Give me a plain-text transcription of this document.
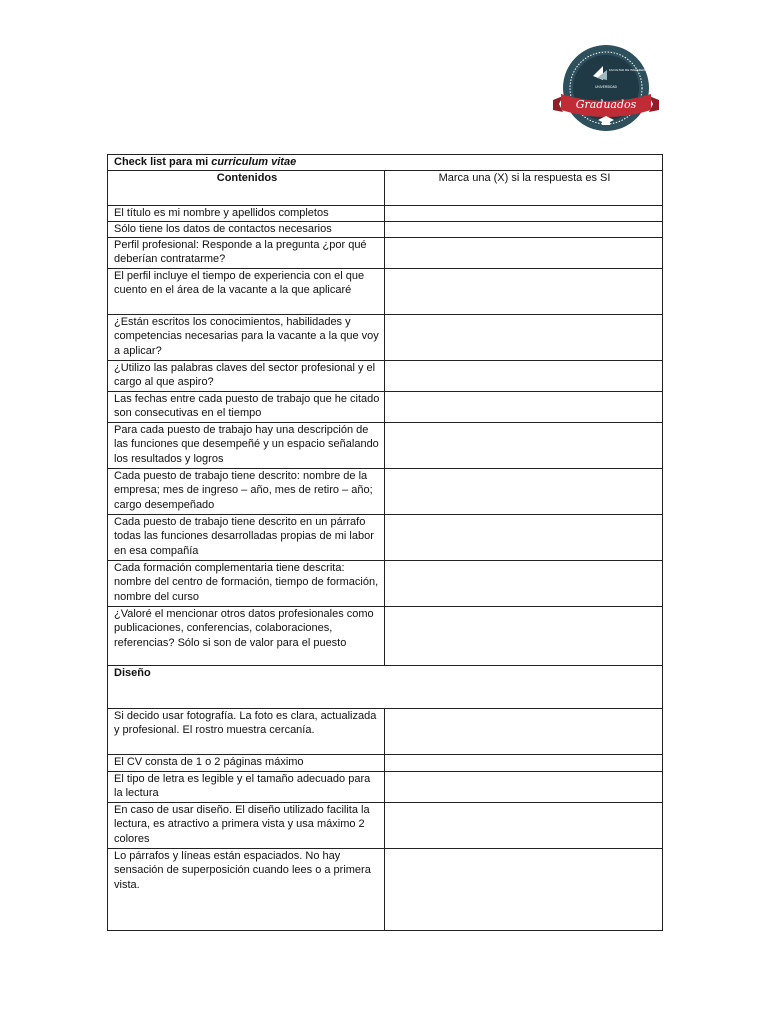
FACULTAD DE INGENIERÍA JULIO GARAVITO
UNIVERSIDAD
Graduados
Check list para mi curriculum vitae	
Contenidos	Marca una (X) si la respuesta es SI
El título es mi nombre y apellidos completos	

Sólo tiene los datos de contactos necesarios	

Perfil profesional: Responde a la pregunta ¿por qué deberían contratarme?	

El perfil incluye el tiempo de experiencia con el que cuento en el área de la vacante a la que aplicaré	

¿Están escritos los conocimientos, habilidades y competencias necesarias para la vacante a la que voy a aplicar?	

¿Utilizo las palabras claves del sector profesional y el cargo al que aspiro?	

Las fechas entre cada puesto de trabajo que he citado son consecutivas en el tiempo	

Para cada puesto de trabajo hay una descripción de las funciones que desempeñé y un espacio señalando los resultados y logros	

Cada puesto de trabajo tiene descrito: nombre de la empresa; mes de ingreso – año, mes de retiro – año; cargo desempeñado	

Cada puesto de trabajo tiene descrito en un párrafo todas las funciones desarrolladas propias de mi labor en esa compañía	

Cada formación complementaria tiene descrita: nombre del centro de formación, tiempo de formación, nombre del curso	

¿Valoré el mencionar otros datos profesionales como publicaciones, conferencias, colaboraciones, referencias? Sólo si son de valor para el puesto	

Diseño	
Si decido usar fotografía. La foto es clara, actualizada y profesional. El rostro muestra cercanía.	

El CV consta de 1 o 2 páginas máximo	

El tipo de letra es legible y el tamaño adecuado para la lectura	

En caso de usar diseño. El diseño utilizado facilita la lectura, es atractivo a primera vista y usa máximo 2 colores	

Lo párrafos y líneas están espaciados. No hay sensación de superposición cuando lees o a primera vista.	
